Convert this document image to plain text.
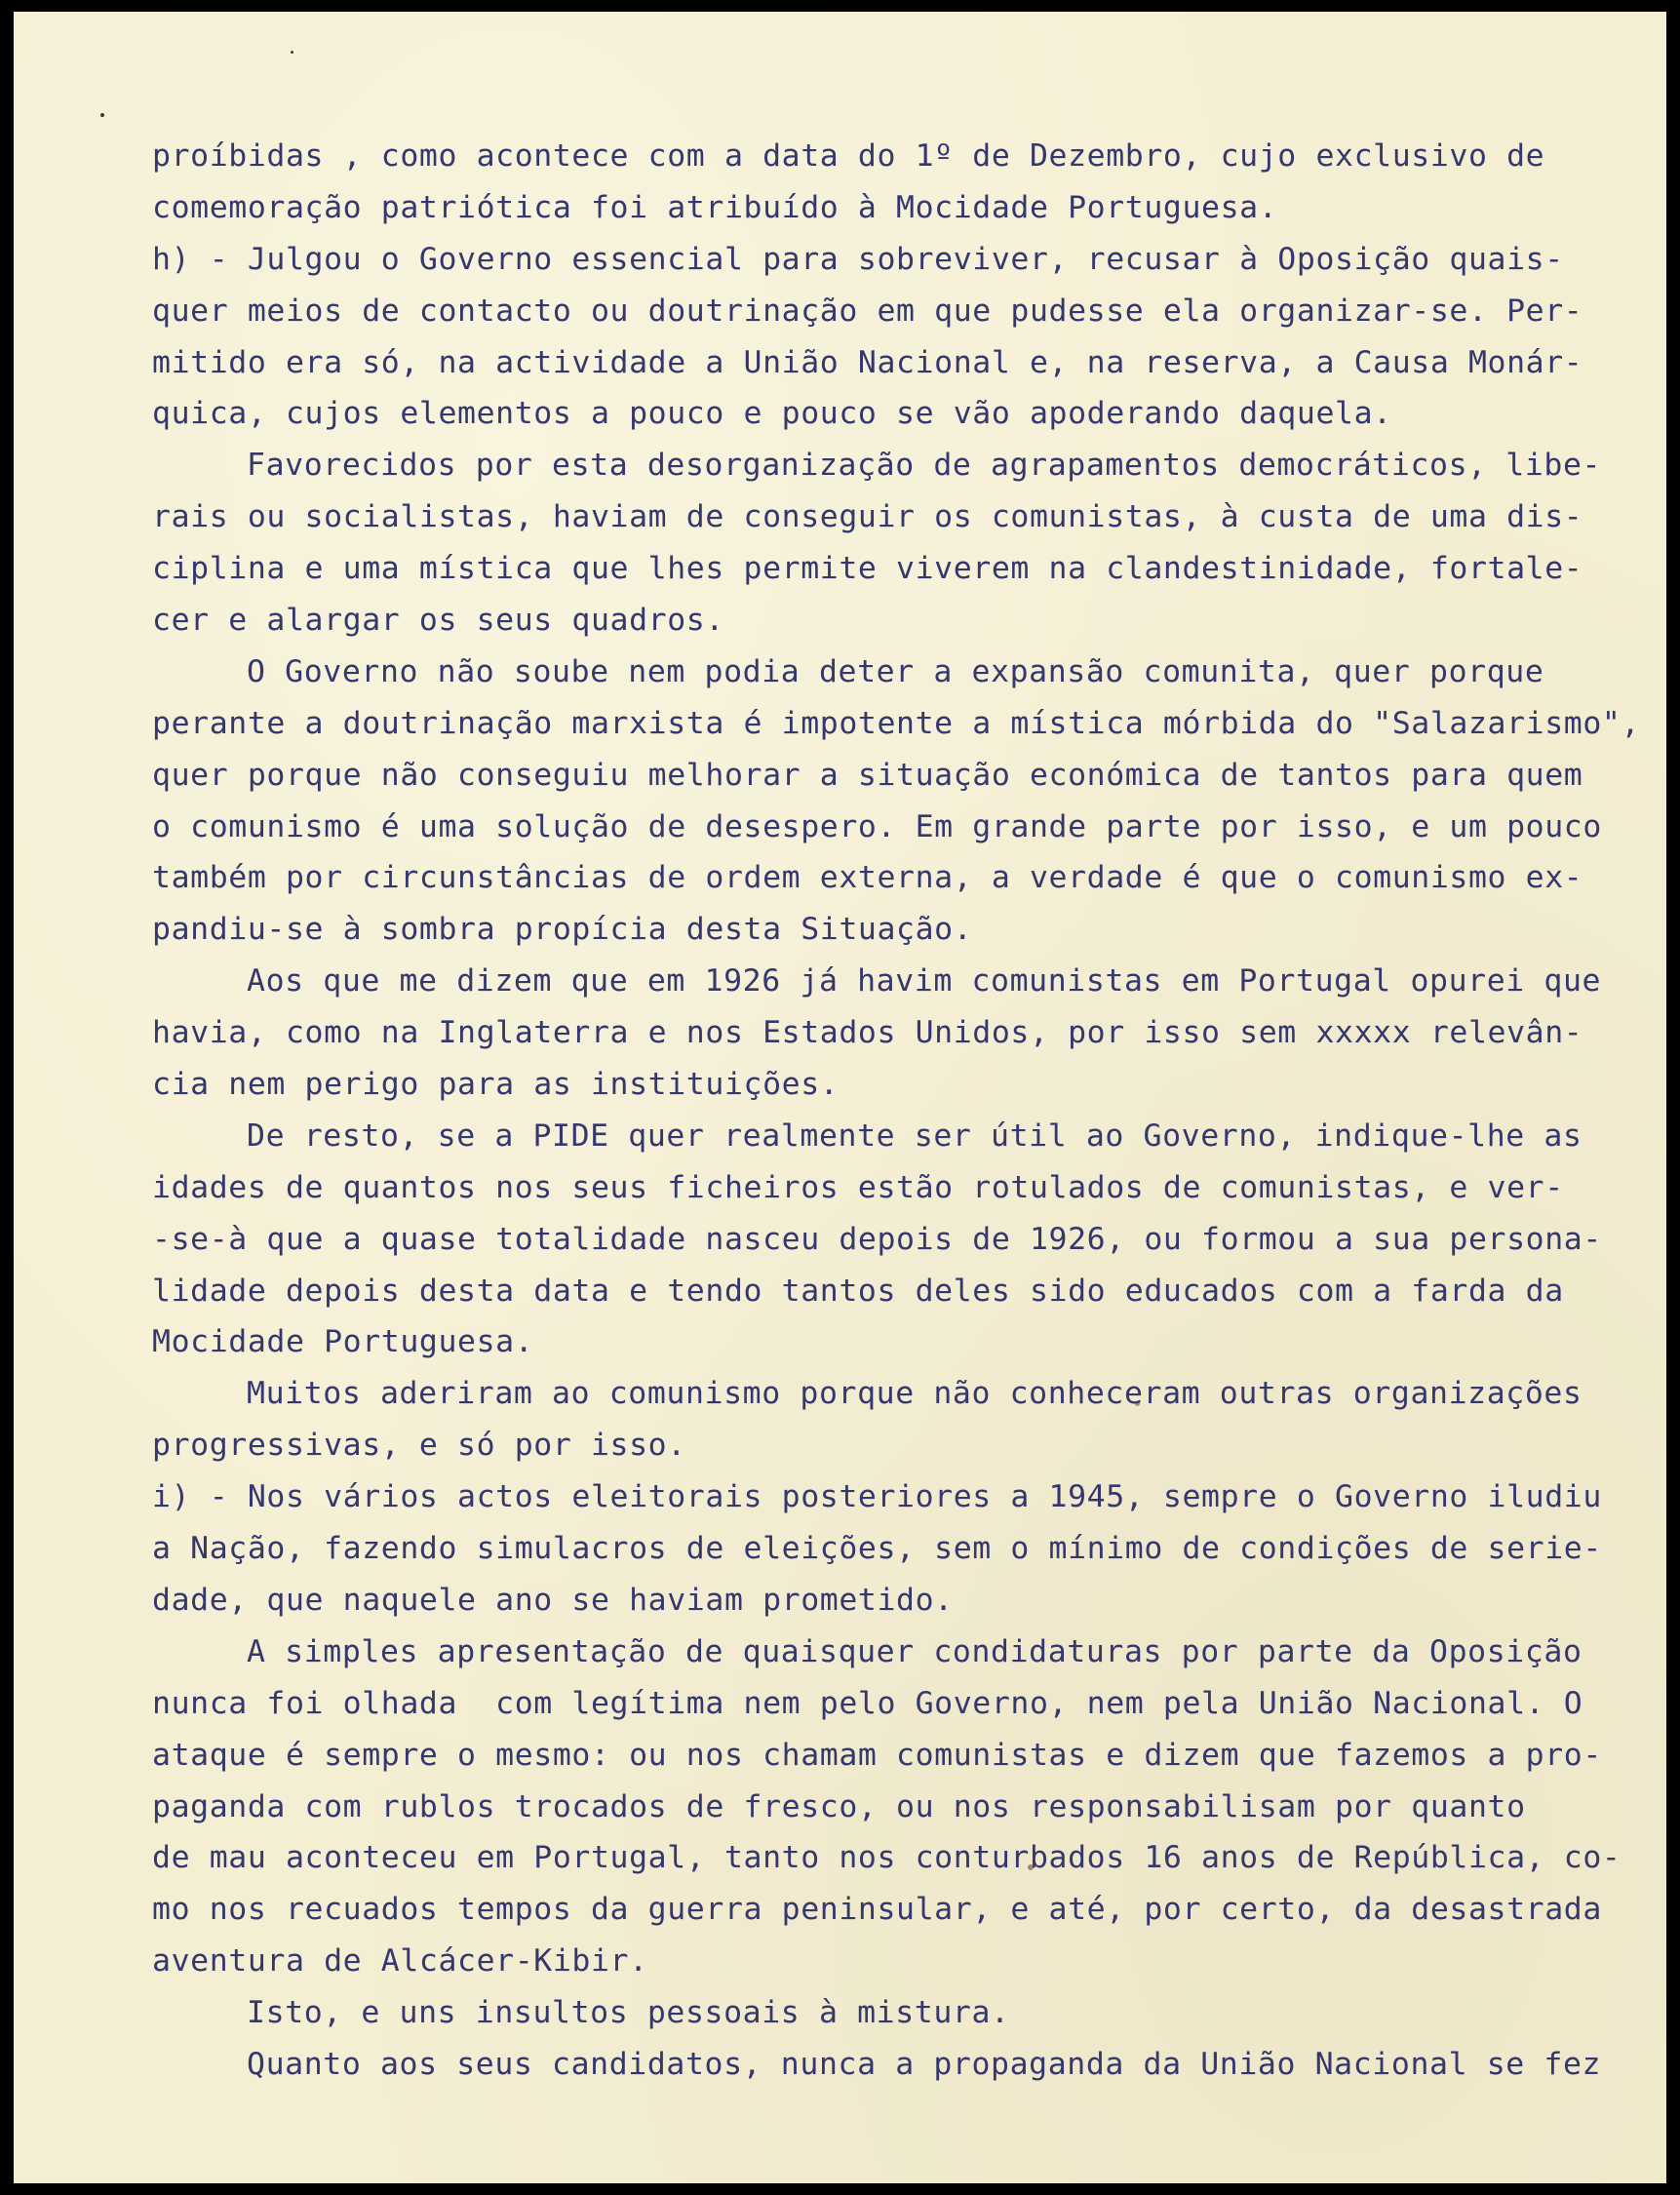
proíbidas , como acontece com a data do 1º de Dezembro, cujo exclusivo de
comemoração patriótica foi atribuído à Mocidade Portuguesa.
h) - Julgou o Governo essencial para sobreviver, recusar à Oposição quais-
quer meios de contacto ou doutrinação em que pudesse ela organizar-se. Per-
mitido era só, na actividade a União Nacional e, na reserva, a Causa Monár-
quica, cujos elementos a pouco e pouco se vão apoderando daquela.
Favorecidos por esta desorganização de agrapamentos democráticos, libe-
rais ou socialistas, haviam de conseguir os comunistas, à custa de uma dis-
ciplina e uma mística que lhes permite viverem na clandestinidade, fortale-
cer e alargar os seus quadros.
O Governo não soube nem podia deter a expansão comunita, quer porque
perante a doutrinação marxista é impotente a mística mórbida do "Salazarismo",
quer porque não conseguiu melhorar a situação económica de tantos para quem
o comunismo é uma solução de desespero. Em grande parte por isso, e um pouco
também por circunstâncias de ordem externa, a verdade é que o comunismo ex-
pandiu-se à sombra propícia desta Situação.
Aos que me dizem que em 1926 já havim comunistas em Portugal opurei que
havia, como na Inglaterra e nos Estados Unidos, por isso sem xxxxx relevân-
cia nem perigo para as instituições.
De resto, se a PIDE quer realmente ser útil ao Governo, indique-lhe as
idades de quantos nos seus ficheiros estão rotulados de comunistas, e ver-
-se-à que a quase totalidade nasceu depois de 1926, ou formou a sua persona-
lidade depois desta data e tendo tantos deles sido educados com a farda da
Mocidade Portuguesa.
Muitos aderiram ao comunismo porque não conheceram outras organizações
progressivas, e só por isso.
i) - Nos vários actos eleitorais posteriores a 1945, sempre o Governo iludiu
a Nação, fazendo simulacros de eleições, sem o mínimo de condições de serie-
dade, que naquele ano se haviam prometido.
A simples apresentação de quaisquer condidaturas por parte da Oposição
nunca foi olhada  com legítima nem pelo Governo, nem pela União Nacional. O
ataque é sempre o mesmo: ou nos chamam comunistas e dizem que fazemos a pro-
paganda com rublos trocados de fresco, ou nos responsabilisam por quanto
de mau aconteceu em Portugal, tanto nos conturbados 16 anos de República, co-
mo nos recuados tempos da guerra peninsular, e até, por certo, da desastrada
aventura de Alcácer-Kibir.
Isto, e uns insultos pessoais à mistura.
Quanto aos seus candidatos, nunca a propaganda da União Nacional se fez
